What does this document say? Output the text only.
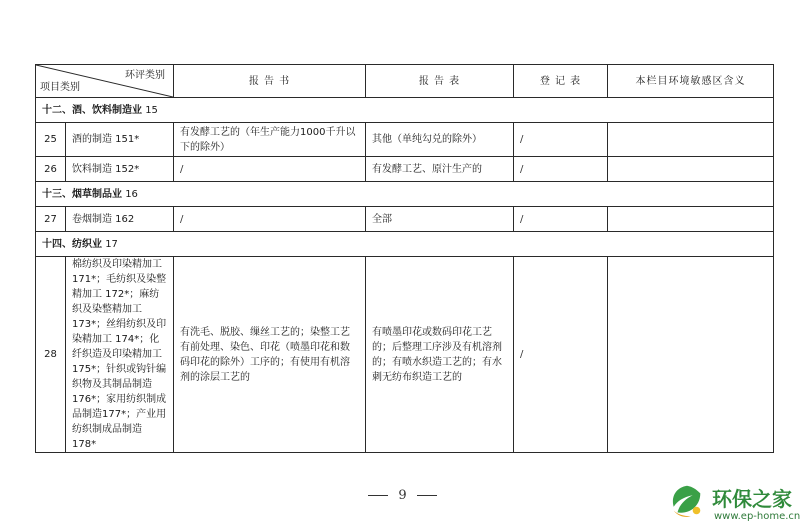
环评类别
项目类别		报 告 书	报 告 表	登 记 表	本栏目环境敏感区含义
十二、酒、饮料制造业 15					
25	酒的制造 151*	有发酵工艺的（年生产能力1000千升以下的除外）	其他（单纯勾兑的除外）	/	
26	饮料制造 152*	/	有发酵工艺、原汁生产的	/	
十三、烟草制品业 16					
27	卷烟制造 162	/	全部	/	
十四、纺织业 17					
28	棉纺织及印染精加工171*；毛纺织及染整精加工 172*；麻纺织及染整精加工 173*；丝绢纺织及印染精加工 174*；化纤织造及印染精加工 175*；针织或钩针编织物及其制品制造 176*；家用纺织制成品制造177*；产业用纺织制成品制造 178*	有洗毛、脱胶、缫丝工艺的；染整工艺有前处理、染色、印花（喷墨印花和数码印花的除外）工序的；有使用有机溶剂的涂层工艺的	有喷墨印花或数码印花工艺的；后整理工序涉及有机溶剂的；有喷水织造工艺的；有水刺无纺布织造工艺的	/	
9	环保之家
www.ep-home.cn
